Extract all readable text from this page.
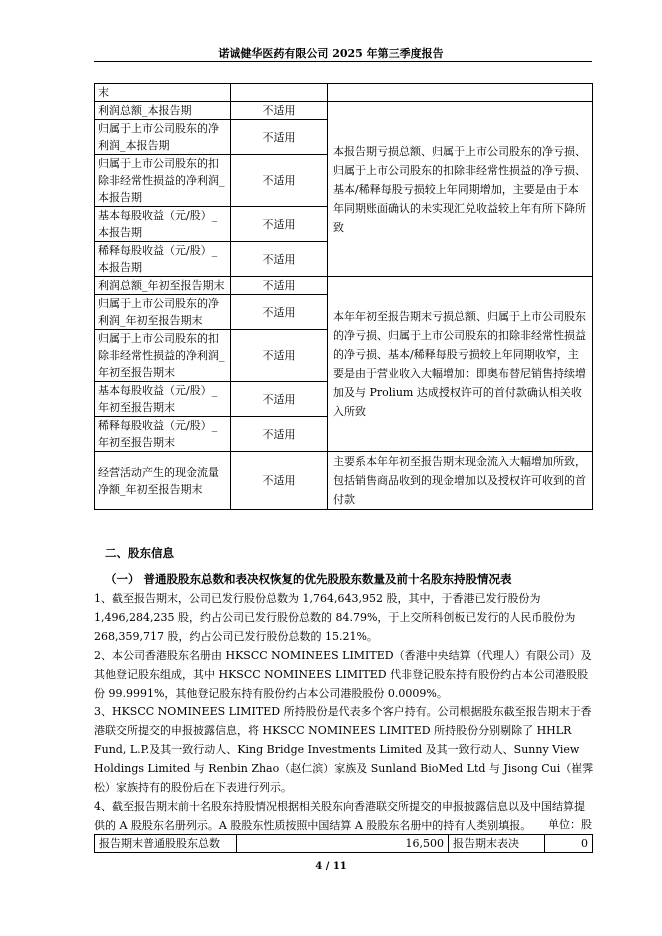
诺诚健华医药有限公司 2025 年第三季度报告
末		
利润总额_本报告期	不适用	本报告期亏损总额、归属于上市公司股东的净亏损、归属于上市公司股东的扣除非经常性损益的净亏损、基本/稀释每股亏损较上年同期增加，主要是由于本年同期账面确认的未实现汇兑收益较上年有所下降所致
归属于上市公司股东的净利润_本报告期	不适用	
归属于上市公司股东的扣除非经常性损益的净利润_本报告期	不适用	
基本每股收益（元/股）_本报告期	不适用	
稀释每股收益（元/股）_本报告期	不适用	
利润总额_年初至报告期末	不适用	本年年初至报告期末亏损总额、归属于上市公司股东的净亏损、归属于上市公司股东的扣除非经常性损益的净亏损、基本/稀释每股亏损较上年同期收窄，主要是由于营业收入大幅增加：即奥布替尼销售持续增加及与 Prolium 达成授权许可的首付款确认相关收入所致
归属于上市公司股东的净利润_年初至报告期末	不适用	
归属于上市公司股东的扣除非经常性损益的净利润_年初至报告期末	不适用	
基本每股收益（元/股）_年初至报告期末	不适用	
稀释每股收益（元/股）_年初至报告期末	不适用	
经营活动产生的现金流量净额_年初至报告期末	不适用	主要系本年年初至报告期末现金流入大幅增加所致，包括销售商品收到的现金增加以及授权许可收到的首付款
二、股东信息
（一） 普通股股东总数和表决权恢复的优先股股东数量及前十名股东持股情况表

1、截至报告期末，公司已发行股份总数为 1,764,643,952 股，其中，于香港已发行股份为 1,496,284,235 股，约占公司已发行股份总数的 84.79%，于上交所科创板已发行的人民币股份为 268,359,717 股，约占公司已发行股份总数的 15.21%。

2、本公司香港股东名册由 HKSCC NOMINEES LIMITED（香港中央结算（代理人）有限公司）及其他登记股东组成，其中 HKSCC NOMINEES LIMITED 代非登记股东持有股份约占本公司港股股份 99.9991%，其他登记股东持有股份约占本公司港股股份 0.0009%。

3、HKSCC NOMINEES LIMITED 所持股份是代表多个客户持有。公司根据股东截至报告期末于香港联交所提交的申报披露信息，将 HKSCC NOMINEES LIMITED 所持股份分别剔除了 HHLR Fund, L.P.及其一致行动人、King Bridge Investments Limited 及其一致行动人、Sunny View Holdings Limited 与 Renbin Zhao（赵仁滨）家族及 Sunland BioMed Ltd 与 Jisong Cui（崔霁松）家族持有的股份后在下表进行列示。

4、截至报告期末前十名股东持股情况根据相关股东向香港联交所提交的申报披露信息以及中国结算提供的 A 股股东名册列示。A 股股东性质按照中国结算 A 股股东名册中的持有人类别填报。	单位：股
报告期末普通股股东总数	16,500	报告期末表决	0
4 / 11
